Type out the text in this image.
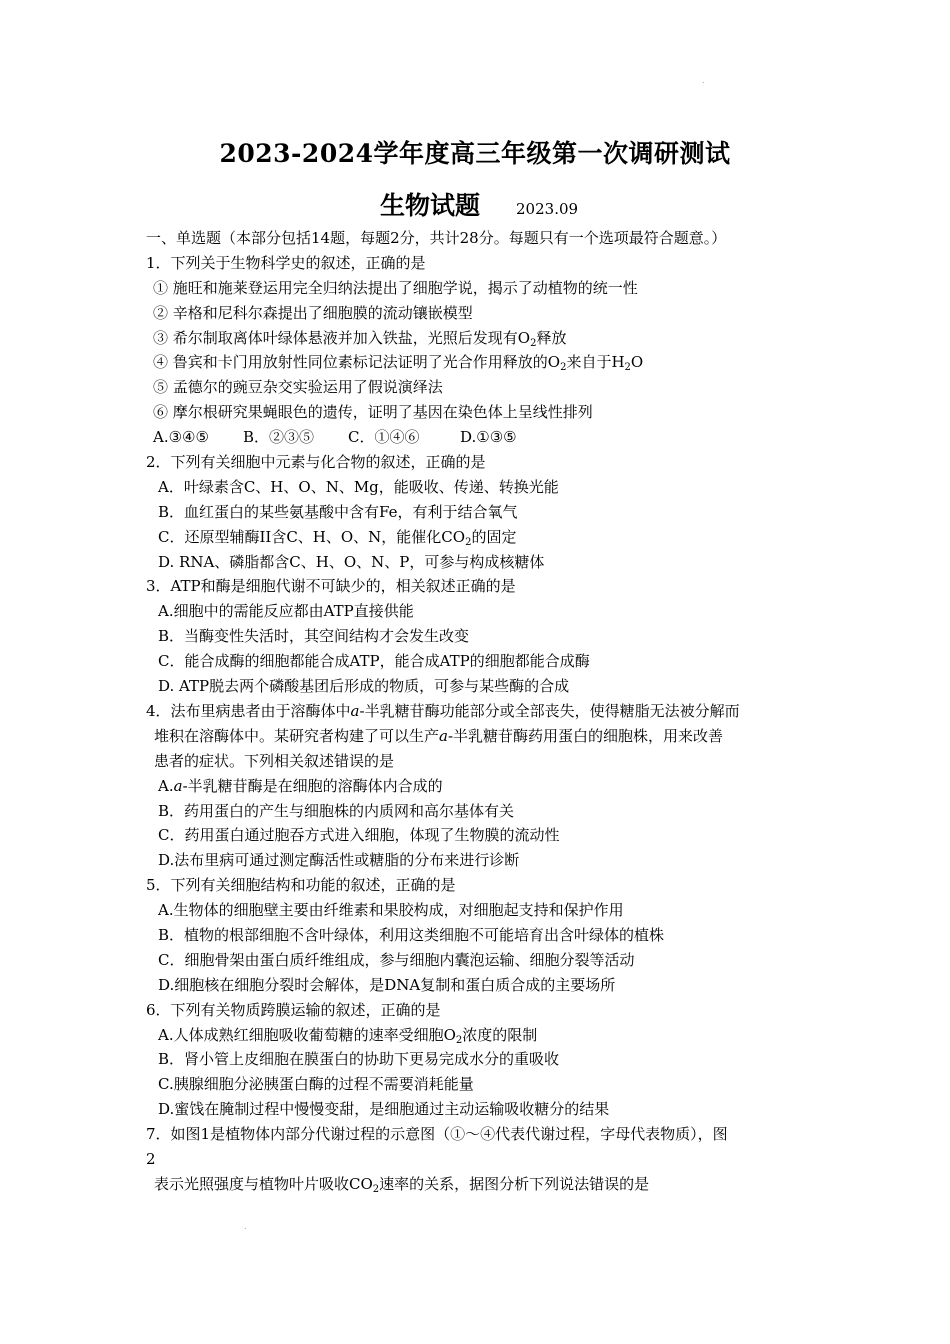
.
.
2023-2024学年度高三年级第一次调研测试
生物试题 2023.09
一、单选题（本部分包括14题，每题2分，共计28分。每题只有一个选项最符合题意。）
1．下列关于生物科学史的叙述，正确的是
① 施旺和施莱登运用完全归纳法提出了细胞学说，揭示了动植物的统一性
② 辛格和尼科尔森提出了细胞膜的流动镶嵌模型
③ 希尔制取离体叶绿体悬液并加入铁盐，光照后发现有$O_2$释放
④ 鲁宾和卡门用放射性同位素标记法证明了光合作用释放的$O_2$来自于$H_2O$
⑤ 孟德尔的豌豆杂交实验运用了假说演绎法
⑥ 摩尔根研究果蝇眼色的遗传，证明了基因在染色体上呈线性排列
A.③④⑤ B．②③⑤ C．①④⑥	D.①③⑤
2．下列有关细胞中元素与化合物的叙述，正确的是
A．叶绿素含C、H、O、N、Mg，能吸收、传递、转换光能
B．血红蛋白的某些氨基酸中含有Fe，有利于结合氧气
C．还原型辅酶II含C、H、O、N，能催化$CO_2$的固定
D. RNA、磷脂都含C、H、O、N、P，可参与构成核糖体
3．ATP和酶是细胞代谢不可缺少的，相关叙述正确的是
A.细胞中的需能反应都由ATP直接供能
B．当酶变性失活时，其空间结构才会发生改变
C．能合成酶的细胞都能合成ATP，能合成ATP的细胞都能合成酶
D. ATP脱去两个磷酸基团后形成的物质，可参与某些酶的合成
4．法布里病患者由于溶酶体中a-半乳糖苷酶功能部分或全部丧失，使得糖脂无法被分解而
堆积在溶酶体中。某研究者构建了可以生产a-半乳糖苷酶药用蛋白的细胞株，用来改善
患者的症状。下列相关叙述错误的是
A.a-半乳糖苷酶是在细胞的溶酶体内合成的
B．药用蛋白的产生与细胞株的内质网和高尔基体有关
C．药用蛋白通过胞吞方式进入细胞，体现了生物膜的流动性
D.法布里病可通过测定酶活性或糖脂的分布来进行诊断
5．下列有关细胞结构和功能的叙述，正确的是
A.生物体的细胞壁主要由纤维素和果胶构成，对细胞起支持和保护作用
B．植物的根部细胞不含叶绿体，利用这类细胞不可能培育出含叶绿体的植株
C．细胞骨架由蛋白质纤维组成，参与细胞内囊泡运输、细胞分裂等活动
D.细胞核在细胞分裂时会解体，是DNA复制和蛋白质合成的主要场所
6．下列有关物质跨膜运输的叙述，正确的是
A.人体成熟红细胞吸收葡萄糖的速率受细胞$O_2$浓度的限制
B．肾小管上皮细胞在膜蛋白的协助下更易完成水分的重吸收
C.胰腺细胞分泌胰蛋白酶的过程不需要消耗能量
D.蜜饯在腌制过程中慢慢变甜，是细胞通过主动运输吸收糖分的结果
7．如图1是植物体内部分代谢过程的示意图（①～④代表代谢过程，字母代表物质），图
2
表示光照强度与植物叶片吸收$CO_2$速率的关系，据图分析下列说法错误的是
